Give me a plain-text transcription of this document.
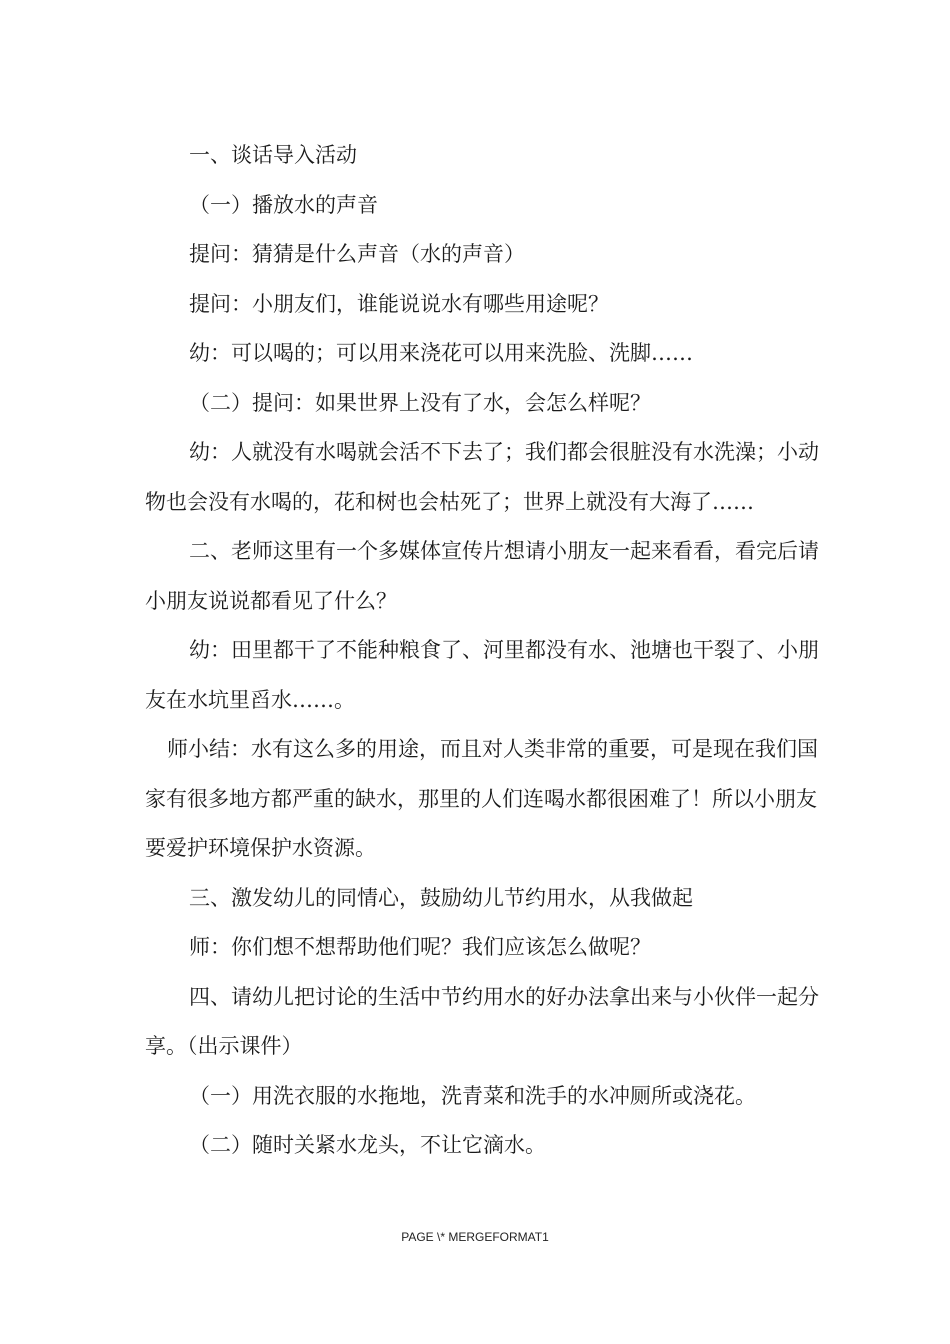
一、谈话导入活动

（一）播放水的声音

提问：猜猜是什么声音（水的声音）

提问：小朋友们，谁能说说水有哪些用途呢？

幼：可以喝的；可以用来浇花可以用来洗脸、洗脚……

（二）提问：如果世界上没有了水，会怎么样呢？

幼：人就没有水喝就会活不下去了；我们都会很脏没有水洗澡；小动物也会没有水喝的，花和树也会枯死了；世界上就没有大海了……

二、老师这里有一个多媒体宣传片想请小朋友一起来看看，看完后请小朋友说说都看见了什么？

幼：田里都干了不能种粮食了、河里都没有水、池塘也干裂了、小朋友在水坑里舀水……。

师小结：水有这么多的用途，而且对人类非常的重要，可是现在我们国家有很多地方都严重的缺水，那里的人们连喝水都很困难了！所以小朋友要爱护环境保护水资源。

三、激发幼儿的同情心，鼓励幼儿节约用水，从我做起

师：你们想不想帮助他们呢？我们应该怎么做呢？

四、请幼儿把讨论的生活中节约用水的好办法拿出来与小伙伴一起分享。（出示课件）

（一）用洗衣服的水拖地，洗青菜和洗手的水冲厕所或浇花。

（二）随时关紧水龙头，不让它滴水。

PAGE \* MERGEFORMAT1
